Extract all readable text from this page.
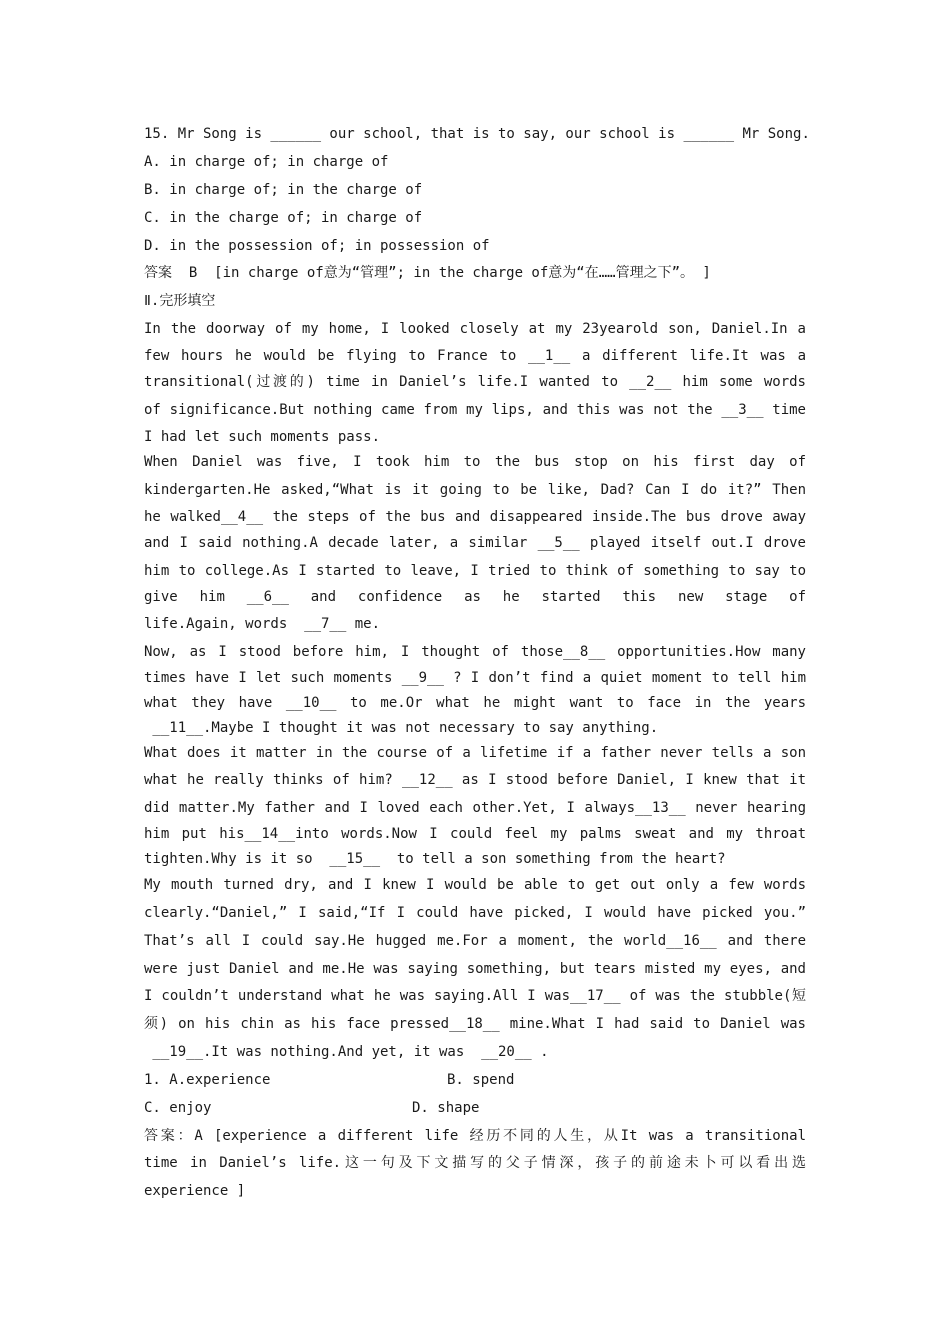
15. Mr Song is ______ our school, that is to say, our school is ______ Mr Song.
A. in charge of; in charge of
B. in charge of; in the charge of
C. in the charge of; in charge of
D. in the possession of; in possession of
答案  B  [in charge of意为“管理”; in the charge of意为“在……管理之下”。 ]
Ⅱ.完形填空
In the doorway of my home, I looked closely at my 23yearold son, Daniel.In a
few hours he would be flying to France to __1__ a different life.It was a
transitional(过渡的) time in Daniel’s life.I wanted to __2__ him some words
of significance.But nothing came from my lips, and this was not the __3__ time
I had let such moments pass.
When Daniel was five, I took him to the bus stop on his first day of
kindergarten.He asked,“What is it going to be like, Dad? Can I do it?” Then
he walked__4__ the steps of the bus and disappeared inside.The bus drove away
and I said nothing.A decade later, a similar __5__ played itself out.I drove
him to college.As I started to leave, I tried to think of something to say to
give him __6__ and confidence as he started this new stage of
life.Again, words  __7__ me.
Now, as I stood before him, I thought of those__8__ opportunities.How many
times have I let such moments __9__ ? I don’t find a quiet moment to tell him
what they have __10__ to me.Or what he might want to face in the years
__11__.Maybe I thought it was not necessary to say anything.
What does it matter in the course of a lifetime if a father never tells a son
what he really thinks of him? __12__ as I stood before Daniel, I knew that it
did matter.My father and I loved each other.Yet, I always__13__ never hearing
him put his__14__into words.Now I could feel my palms sweat and my throat
tighten.Why is it so  __15__  to tell a son something from the heart?
My mouth turned dry, and I knew I would be able to get out only a few words
clearly.“Daniel,” I said,“If I could have picked, I would have picked you.”
That’s all I could say.He hugged me.For a moment, the world__16__ and there
were just Daniel and me.He was saying something, but tears misted my eyes, and
I couldn’t understand what he was saying.All I was__17__ of was the stubble(短
须) on his chin as his face pressed__18__ mine.What I had said to Daniel was
__19__.It was nothing.And yet, it was  __20__ .
1. A.experience	B. spend
C. enjoy	D. shape
答案：A [experience a different life 经历不同的人生，从It was a transitional
time in Daniel’s life.这一句及下文描写的父子情深，孩子的前途未卜可以看出选
experience ]
